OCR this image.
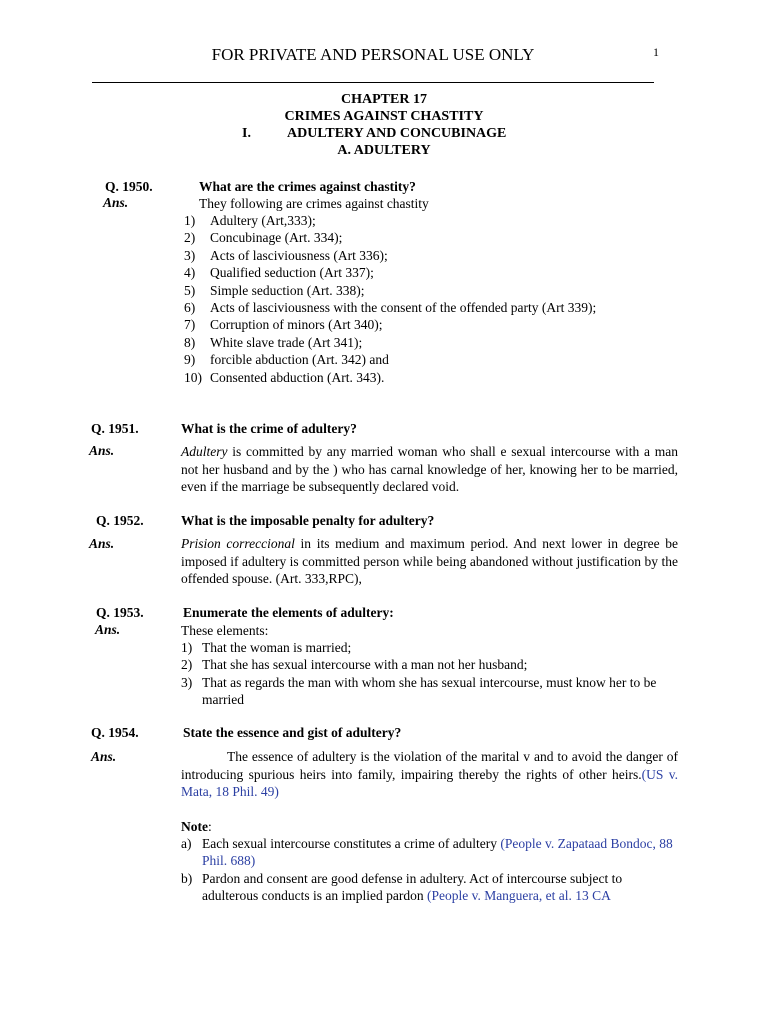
FOR PRIVATE AND PERSONAL USE ONLY	1
CHAPTER 17
CRIMES AGAINST CHASTITY
I.	ADULTERY AND CONCUBINAGE
A. ADULTERY
Q. 1950.	What are the crimes against chastity?
Ans.	They following are crimes against chastity
1) Adultery (Art,333);
2) Concubinage (Art. 334);
3) Acts of lasciviousness (Art 336);
4) Qualified seduction (Art 337);
5) Simple seduction (Art. 338);
6) Acts of lasciviousness with the consent of the offended party (Art 339);
7) Corruption of minors (Art 340);
8) White slave trade (Art 341);
9) forcible abduction (Art. 342) and
10) Consented abduction (Art. 343).
Q. 1951.	What is the crime of adultery?
Ans.	Adultery is committed by any married woman who shall e sexual intercourse with a man not her husband and by the ) who has carnal knowledge of her, knowing her to be married, even if the marriage be subsequently declared void.
Q. 1952.	What is the imposable penalty for adultery?
Ans.	Prision correccional in its medium and maximum period. And next lower in degree be imposed if adultery is committed person while being abandoned without justification by the offended spouse. (Art. 333,RPC),
Q. 1953.	Enumerate the elements of adultery:
Ans.	These elements:
1) That the woman is married;
2) That she has sexual intercourse with a man not her husband;
3) That as regards the man with whom she has sexual intercourse, must know her to be married
Q. 1954.	State the essence and gist of adultery?
Ans.	The essence of adultery is the violation of the marital v and to avoid the danger of introducing spurious heirs into family, impairing thereby the rights of other heirs.(US v. Mata, 18 Phil. 49)
Note:
a) Each sexual intercourse constitutes a crime of adultery (People v. Zapataad Bondoc, 88 Phil. 688)
b) Pardon and consent are good defense in adultery. Act of intercourse subject to adulterous conducts is an implied pardon (People v. Manguera, et al. 13 CA
